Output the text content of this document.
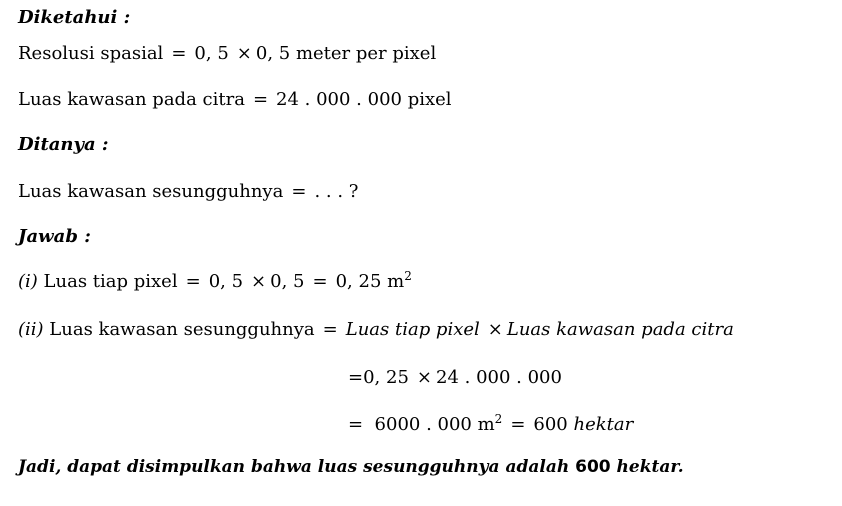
Diketahui :
Resolusi spasial = 0, 5 × 0, 5 meter per pixel
Luas kawasan pada citra = 24 . 000 . 000 pixel
Ditanya :
Luas kawasan sesungguhnya = . . . ?
Jawab :
(i) Luas tiap pixel = 0, 5 × 0, 5 = 0, 25 $m^2$
(ii) Luas kawasan sesungguhnya = Luas tiap pixel × Luas kawasan pada citra
=0, 25 × 24 . 000 . 000
= 6000 . 000 $m^2 = 600$ hektar
Jadi, dapat disimpulkan bahwa luas sesungguhnya adalah 600 hektar.
